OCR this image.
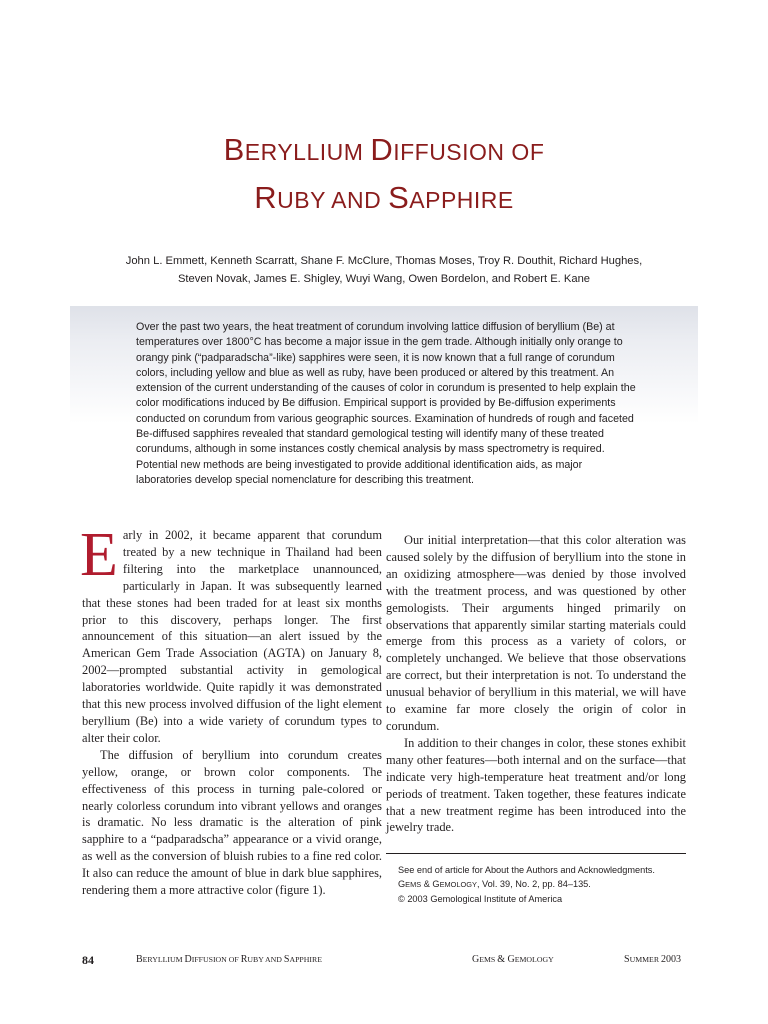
BERYLLIUM DIFFUSION OF
RUBY AND SAPPHIRE
John L. Emmett, Kenneth Scarratt, Shane F. McClure, Thomas Moses, Troy R. Douthit, Richard Hughes,
Steven Novak, James E. Shigley, Wuyi Wang, Owen Bordelon, and Robert E. Kane

Over the past two years, the heat treatment of corundum involving lattice diffusion of beryllium (Be) at temperatures over 1800°C has become a major issue in the gem trade. Although initially only orange to orangy pink (“padparadscha”-like) sapphires were seen, it is now known that a full range of corundum colors, including yellow and blue as well as ruby, have been produced or altered by this treatment. An extension of the current understanding of the causes of color in corundum is presented to help explain the color modifications induced by Be diffusion. Empirical support is provided by Be-diffusion experiments conducted on corundum from various geographic sources. Examination of hundreds of rough and faceted Be-diffused sapphires revealed that standard gemological testing will identify many of these treated corundums, although in some instances costly chemical analysis by mass spectrometry is required. Potential new methods are being investigated to provide additional identification aids, as major laboratories develop special nomenclature for describing this treatment.

Early in 2002, it became apparent that corundum treated by a new technique in Thailand had been filtering into the marketplace unannounced, particularly in Japan. It was subsequently learned that these stones had been traded for at least six months prior to this discovery, perhaps longer. The first announcement of this situation—an alert issued by the American Gem Trade Association (AGTA) on January 8, 2002—prompted substantial activity in gemological laboratories worldwide. Quite rapidly it was demonstrated that this new process involved diffusion of the light element beryllium (Be) into a wide variety of corundum types to alter their color.

The diffusion of beryllium into corundum creates yellow, orange, or brown color components. The effectiveness of this process in turning pale-colored or nearly colorless corundum into vibrant yellows and oranges is dramatic. No less dramatic is the alteration of pink sapphire to a “padparadscha” appearance or a vivid orange, as well as the conversion of bluish rubies to a fine red color. It also can reduce the amount of blue in dark blue sapphires, rendering them a more attractive color (figure 1).

Our initial interpretation—that this color alteration was caused solely by the diffusion of beryllium into the stone in an oxidizing atmosphere—was denied by those involved with the treatment process, and was questioned by other gemologists. Their arguments hinged primarily on observations that apparently similar starting materials could emerge from this process as a variety of colors, or completely unchanged. We believe that those observations are correct, but their interpretation is not. To understand the unusual behavior of beryllium in this material, we will have to examine far more closely the origin of color in corundum.

In addition to their changes in color, these stones exhibit many other features—both internal and on the surface—that indicate very high-temperature heat treatment and/or long periods of treatment. Taken together, these features indicate that a new treatment regime has been introduced into the jewelry trade.

See end of article for About the Authors and Acknowledgments.
GEMS & GEMOLOGY, Vol. 39, No. 2, pp. 84–135.
© 2003 Gemological Institute of America
84	BERYLLIUM DIFFUSION OF RUBY AND SAPPHIRE	GEMS & GEMOLOGY	SUMMER 2003
